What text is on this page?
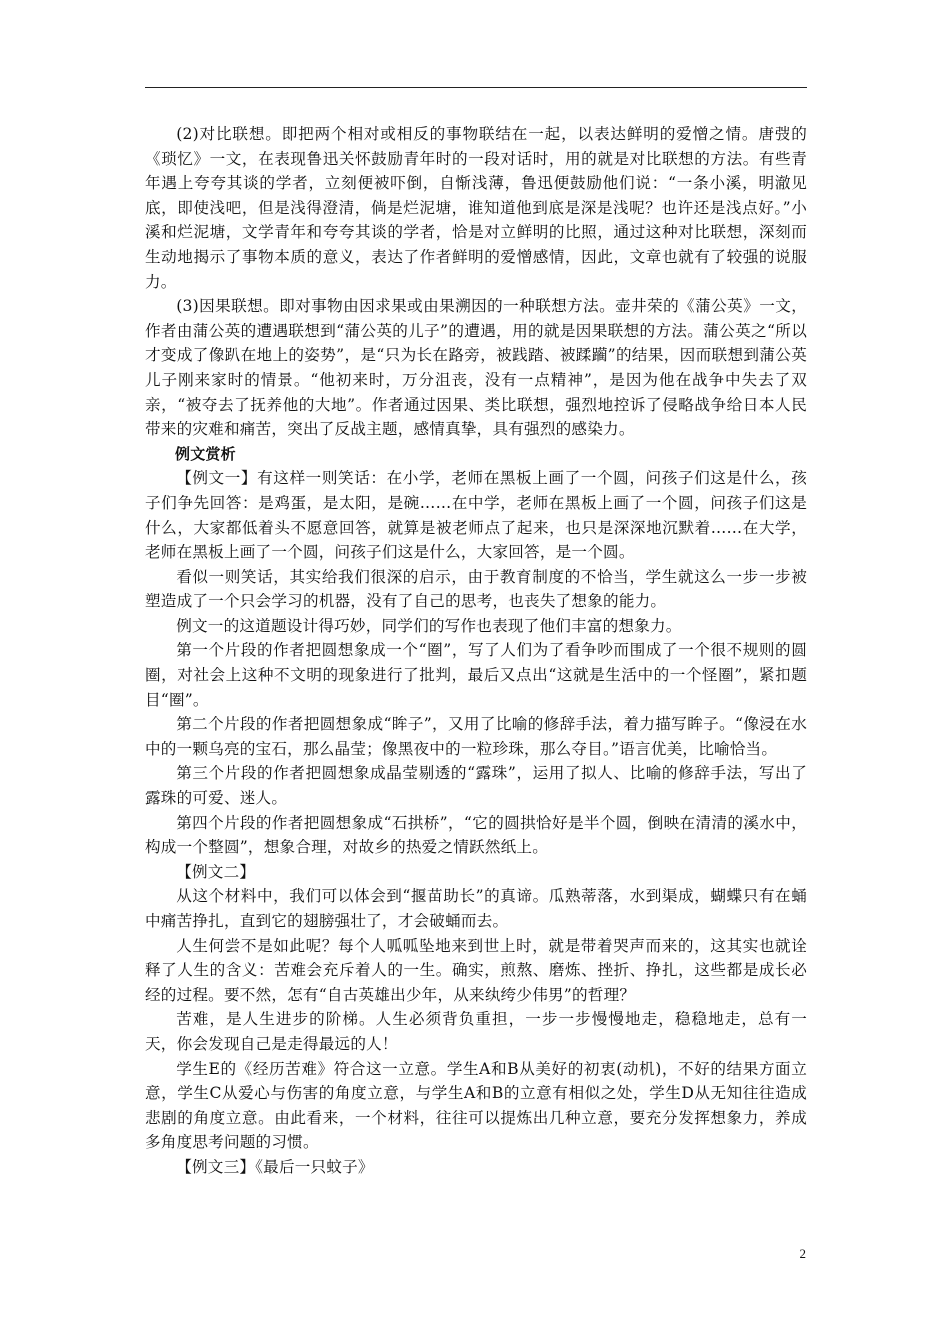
(2)对比联想。即把两个相对或相反的事物联结在一起，以表达鲜明的爱憎之情。唐弢的《琐忆》一文，在表现鲁迅关怀鼓励青年时的一段对话时，用的就是对比联想的方法。有些青年遇上夸夸其谈的学者，立刻便被吓倒，自惭浅薄，鲁迅便鼓励他们说：“一条小溪，明澈见底，即使浅吧，但是浅得澄清，倘是烂泥塘，谁知道他到底是深是浅呢？也许还是浅点好。”小溪和烂泥塘，文学青年和夸夸其谈的学者，恰是对立鲜明的比照，通过这种对比联想，深刻而生动地揭示了事物本质的意义，表达了作者鲜明的爱憎感情，因此，文章也就有了较强的说服力。

(3)因果联想。即对事物由因求果或由果溯因的一种联想方法。壶井荣的《蒲公英》一文，作者由蒲公英的遭遇联想到“蒲公英的儿子”的遭遇，用的就是因果联想的方法。蒲公英之“所以才变成了像趴在地上的姿势”，是“只为长在路旁，被践踏、被蹂躏”的结果，因而联想到蒲公英儿子刚来家时的情景。“他初来时，万分沮丧，没有一点精神”，是因为他在战争中失去了双亲，“被夺去了抚养他的大地”。作者通过因果、类比联想，强烈地控诉了侵略战争给日本人民带来的灾难和痛苦，突出了反战主题，感情真挚，具有强烈的感染力。

例文赏析

【例文一】有这样一则笑话：在小学，老师在黑板上画了一个圆，问孩子们这是什么，孩子们争先回答：是鸡蛋，是太阳，是碗……在中学，老师在黑板上画了一个圆，问孩子们这是什么，大家都低着头不愿意回答，就算是被老师点了起来，也只是深深地沉默着……在大学，老师在黑板上画了一个圆，问孩子们这是什么，大家回答，是一个圆。

看似一则笑话，其实给我们很深的启示，由于教育制度的不恰当，学生就这么一步一步被塑造成了一个只会学习的机器，没有了自己的思考，也丧失了想象的能力。

例文一的这道题设计得巧妙，同学们的写作也表现了他们丰富的想象力。

第一个片段的作者把圆想象成一个“圈”，写了人们为了看争吵而围成了一个很不规则的圆圈，对社会上这种不文明的现象进行了批判，最后又点出“这就是生活中的一个怪圈”，紧扣题目“圈”。

第二个片段的作者把圆想象成“眸子”，又用了比喻的修辞手法，着力描写眸子。“像浸在水中的一颗乌亮的宝石，那么晶莹；像黑夜中的一粒珍珠，那么夺目。”语言优美，比喻恰当。

第三个片段的作者把圆想象成晶莹剔透的“露珠”，运用了拟人、比喻的修辞手法，写出了露珠的可爱、迷人。

第四个片段的作者把圆想象成“石拱桥”，“它的圆拱恰好是半个圆，倒映在清清的溪水中，构成一个整圆”，想象合理，对故乡的热爱之情跃然纸上。

【例文二】

从这个材料中，我们可以体会到“揠苗助长”的真谛。瓜熟蒂落，水到渠成，蝴蝶只有在蛹中痛苦挣扎，直到它的翅膀强壮了，才会破蛹而去。

人生何尝不是如此呢？每个人呱呱坠地来到世上时，就是带着哭声而来的，这其实也就诠释了人生的含义：苦难会充斥着人的一生。确实，煎熬、磨炼、挫折、挣扎，这些都是成长必经的过程。要不然，怎有“自古英雄出少年，从来纨绔少伟男”的哲理？

苦难，是人生进步的阶梯。人生必须背负重担，一步一步慢慢地走，稳稳地走，总有一天，你会发现自己是走得最远的人！

学生E的《经历苦难》符合这一立意。学生A和B从美好的初衷(动机)，不好的结果方面立意，学生C从爱心与伤害的角度立意，与学生A和B的立意有相似之处，学生D从无知往往造成悲剧的角度立意。由此看来，一个材料，往往可以提炼出几种立意，要充分发挥想象力，养成多角度思考问题的习惯。

【例文三】《最后一只蚊子》

2
